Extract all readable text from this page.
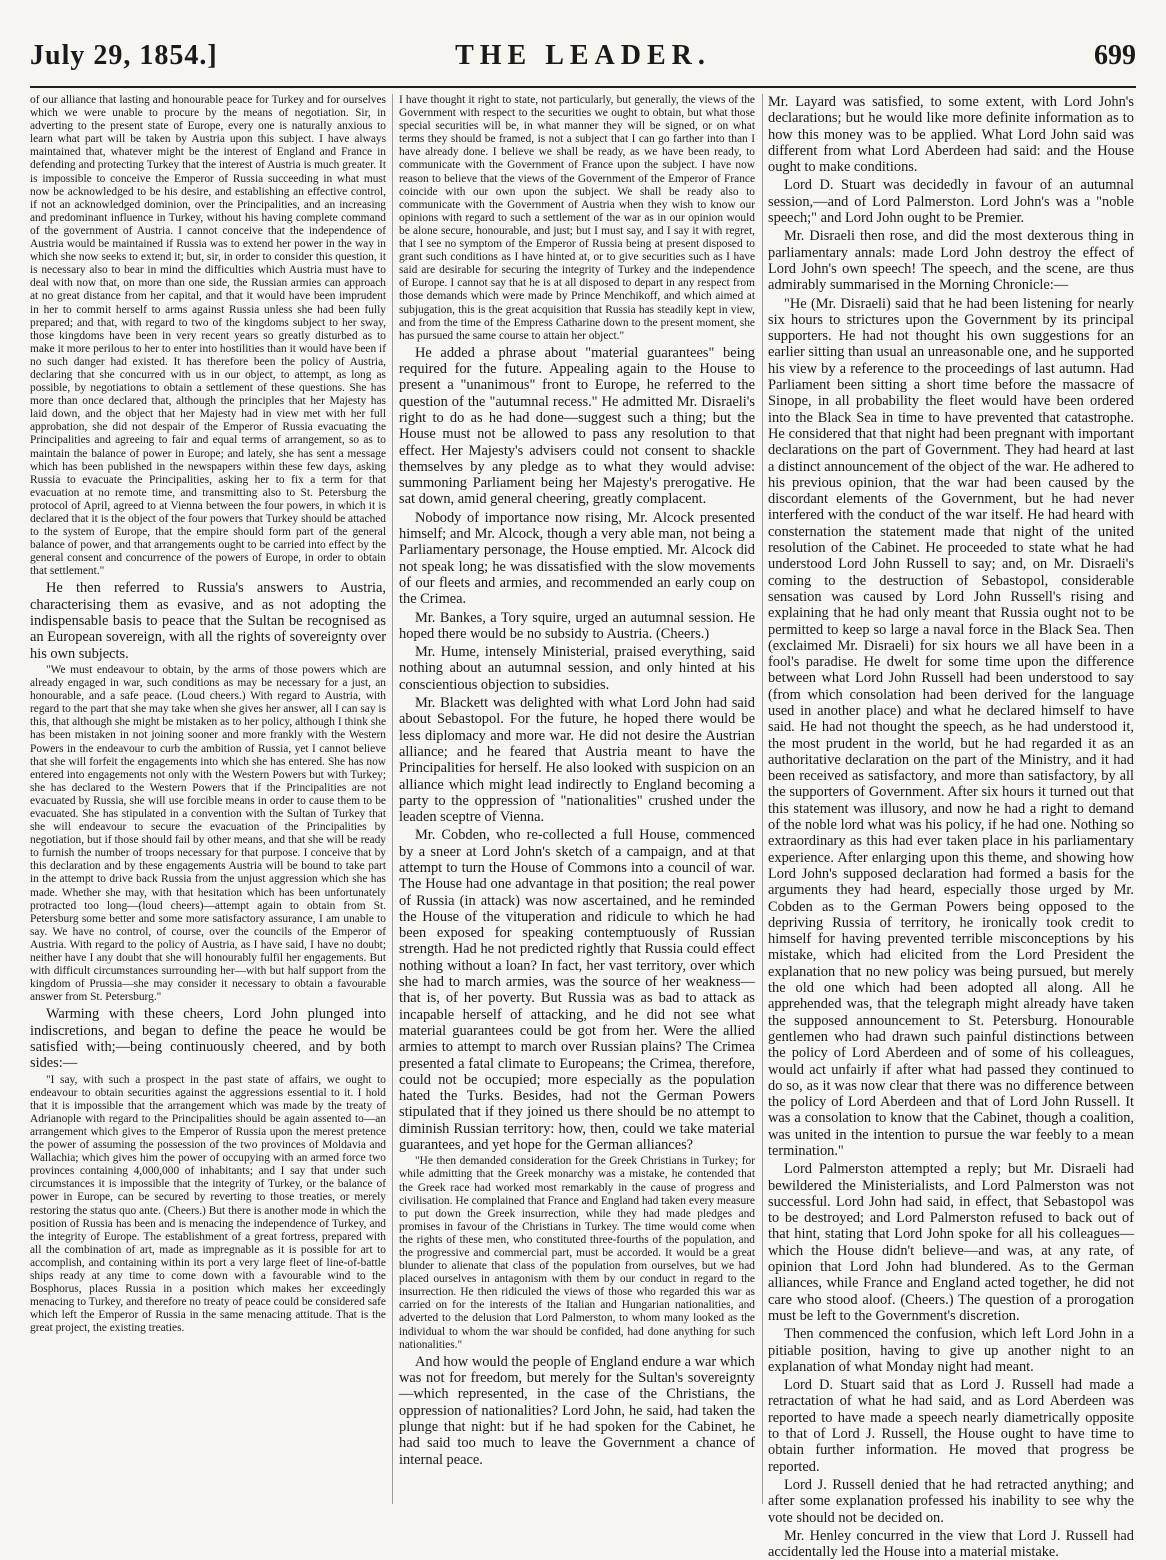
July 29, 1854.]	THE LEADER.	699

of our alliance that lasting and honourable peace for Turkey and for ourselves which we were unable to procure by the means of negotiation. Sir, in adverting to the present state of Europe, every one is naturally anxious to learn what part will be taken by Austria upon this subject. I have always maintained that, whatever might be the interest of England and France in defending and protecting Turkey that the interest of Austria is much greater. It is impossible to conceive the Emperor of Russia succeeding in what must now be acknowledged to be his desire, and establishing an effective control, if not an acknowledged dominion, over the Principalities, and an increasing and predominant influence in Turkey, without his having complete command of the government of Austria. I cannot conceive that the independence of Austria would be maintained if Russia was to extend her power in the way in which she now seeks to extend it; but, sir, in order to consider this question, it is necessary also to bear in mind the difficulties which Austria must have to deal with now that, on more than one side, the Russian armies can approach at no great distance from her capital, and that it would have been imprudent in her to commit herself to arms against Russia unless she had been fully prepared; and that, with regard to two of the kingdoms subject to her sway, those kingdoms have been in very recent years so greatly disturbed as to make it more perilous to her to enter into hostilities than it would have been if no such danger had existed. It has therefore been the policy of Austria, declaring that she concurred with us in our object, to attempt, as long as possible, by negotiations to obtain a settlement of these questions. She has more than once declared that, although the principles that her Majesty has laid down, and the object that her Majesty had in view met with her full approbation, she did not despair of the Emperor of Russia evacuating the Principalities and agreeing to fair and equal terms of arrangement, so as to maintain the balance of power in Europe; and lately, she has sent a message which has been published in the newspapers within these few days, asking Russia to evacuate the Principalities, asking her to fix a term for that evacuation at no remote time, and transmitting also to St. Petersburg the protocol of April, agreed to at Vienna between the four powers, in which it is declared that it is the object of the four powers that Turkey should be attached to the system of Europe, that the empire should form part of the general balance of power, and that arrangements ought to be carried into effect by the general consent and concurrence of the powers of Europe, in order to obtain that settlement."

He then referred to Russia's answers to Austria, characterising them as evasive, and as not adopting the indispensable basis to peace that the Sultan be recognised as an European sovereign, with all the rights of sovereignty over his own subjects.

"We must endeavour to obtain, by the arms of those powers which are already engaged in war, such conditions as may be necessary for a just, an honourable, and a safe peace. (Loud cheers.) With regard to Austria, with regard to the part that she may take when she gives her answer, all I can say is this, that although she might be mistaken as to her policy, although I think she has been mistaken in not joining sooner and more frankly with the Western Powers in the endeavour to curb the ambition of Russia, yet I cannot believe that she will forfeit the engagements into which she has entered. She has now entered into engagements not only with the Western Powers but with Turkey; she has declared to the Western Powers that if the Principalities are not evacuated by Russia, she will use forcible means in order to cause them to be evacuated. She has stipulated in a convention with the Sultan of Turkey that she will endeavour to secure the evacuation of the Principalities by negotiation, but if those should fail by other means, and that she will be ready to furnish the number of troops necessary for that purpose. I conceive that by this declaration and by these engagements Austria will be bound to take part in the attempt to drive back Russia from the unjust aggression which she has made. Whether she may, with that hesitation which has been unfortunately protracted too long—(loud cheers)—attempt again to obtain from St. Petersburg some better and some more satisfactory assurance, I am unable to say. We have no control, of course, over the councils of the Emperor of Austria. With regard to the policy of Austria, as I have said, I have no doubt; neither have I any doubt that she will honourably fulfil her engagements. But with difficult circumstances surrounding her—with but half support from the kingdom of Prussia—she may consider it necessary to obtain a favourable answer from St. Petersburg."

Warming with these cheers, Lord John plunged into indiscretions, and began to define the peace he would be satisfied with;—being continuously cheered, and by both sides:—

"I say, with such a prospect in the past state of affairs, we ought to endeavour to obtain securities against the aggressions essential to it. I hold that it is impossible that the arrangement which was made by the treaty of Adrianople with regard to the Principalities should be again assented to—an arrangement which gives to the Emperor of Russia upon the merest pretence the power of assuming the possession of the two provinces of Moldavia and Wallachia; which gives him the power of occupying with an armed force two provinces containing 4,000,000 of inhabitants; and I say that under such circumstances it is impossible that the integrity of Turkey, or the balance of power in Europe, can be secured by reverting to those treaties, or merely restoring the status quo ante. (Cheers.) But there is another mode in which the position of Russia has been and is menacing the independence of Turkey, and the integrity of Europe. The establishment of a great fortress, prepared with all the combination of art, made as impregnable as it is possible for art to accomplish, and containing within its port a very large fleet of line-of-battle ships ready at any time to come down with a favourable wind to the Bosphorus, places Russia in a position which makes her exceedingly menacing to Turkey, and therefore no treaty of peace could be considered safe which left the Emperor of Russia in the same menacing attitude. That is the great project, the existing treaties.

I have thought it right to state, not particularly, but generally, the views of the Government with respect to the securities we ought to obtain, but what those special securities will be, in what manner they will be signed, or on what terms they should be framed, is not a subject that I can go farther into than I have already done. I believe we shall be ready, as we have been ready, to communicate with the Government of France upon the subject. I have now reason to believe that the views of the Government of the Emperor of France coincide with our own upon the subject. We shall be ready also to communicate with the Government of Austria when they wish to know our opinions with regard to such a settlement of the war as in our opinion would be alone secure, honourable, and just; but I must say, and I say it with regret, that I see no symptom of the Emperor of Russia being at present disposed to grant such conditions as I have hinted at, or to give securities such as I have said are desirable for securing the integrity of Turkey and the independence of Europe. I cannot say that he is at all disposed to depart in any respect from those demands which were made by Prince Menchikoff, and which aimed at subjugation, this is the great acquisition that Russia has steadily kept in view, and from the time of the Empress Catharine down to the present moment, she has pursued the same course to attain her object."

He added a phrase about "material guarantees" being required for the future. Appealing again to the House to present a "unanimous" front to Europe, he referred to the question of the "autumnal recess." He admitted Mr. Disraeli's right to do as he had done—suggest such a thing; but the House must not be allowed to pass any resolution to that effect. Her Majesty's advisers could not consent to shackle themselves by any pledge as to what they would advise: summoning Parliament being her Majesty's prerogative. He sat down, amid general cheering, greatly complacent.

Nobody of importance now rising, Mr. Alcock presented himself; and Mr. Alcock, though a very able man, not being a Parliamentary personage, the House emptied. Mr. Alcock did not speak long; he was dissatisfied with the slow movements of our fleets and armies, and recommended an early coup on the Crimea.

Mr. Bankes, a Tory squire, urged an autumnal session. He hoped there would be no subsidy to Austria. (Cheers.)

Mr. Hume, intensely Ministerial, praised everything, said nothing about an autumnal session, and only hinted at his conscientious objection to subsidies.

Mr. Blackett was delighted with what Lord John had said about Sebastopol. For the future, he hoped there would be less diplomacy and more war. He did not desire the Austrian alliance; and he feared that Austria meant to have the Principalities for herself. He also looked with suspicion on an alliance which might lead indirectly to England becoming a party to the oppression of "nationalities" crushed under the leaden sceptre of Vienna.

Mr. Cobden, who re-collected a full House, commenced by a sneer at Lord John's sketch of a campaign, and at that attempt to turn the House of Commons into a council of war. The House had one advantage in that position; the real power of Russia (in attack) was now ascertained, and he reminded the House of the vituperation and ridicule to which he had been exposed for speaking contemptuously of Russian strength. Had he not predicted rightly that Russia could effect nothing without a loan? In fact, her vast territory, over which she had to march armies, was the source of her weakness—that is, of her poverty. But Russia was as bad to attack as incapable herself of attacking, and he did not see what material guarantees could be got from her. Were the allied armies to attempt to march over Russian plains? The Crimea presented a fatal climate to Europeans; the Crimea, therefore, could not be occupied; more especially as the population hated the Turks. Besides, had not the German Powers stipulated that if they joined us there should be no attempt to diminish Russian territory: how, then, could we take material guarantees, and yet hope for the German alliances?

"He then demanded consideration for the Greek Christians in Turkey; for while admitting that the Greek monarchy was a mistake, he contended that the Greek race had worked most remarkably in the cause of progress and civilisation. He complained that France and England had taken every measure to put down the Greek insurrection, while they had made pledges and promises in favour of the Christians in Turkey. The time would come when the rights of these men, who constituted three-fourths of the population, and the progressive and commercial part, must be accorded. It would be a great blunder to alienate that class of the population from ourselves, but we had placed ourselves in antagonism with them by our conduct in regard to the insurrection. He then ridiculed the views of those who regarded this war as carried on for the interests of the Italian and Hungarian nationalities, and adverted to the delusion that Lord Palmerston, to whom many looked as the individual to whom the war should be confided, had done anything for such nationalities."

And how would the people of England endure a war which was not for freedom, but merely for the Sultan's sovereignty—which represented, in the case of the Christians, the oppression of nationalities? Lord John, he said, had taken the plunge that night: but if he had spoken for the Cabinet, he had said too much to leave the Government a chance of internal peace.

Mr. Layard was satisfied, to some extent, with Lord John's declarations; but he would like more definite information as to how this money was to be applied. What Lord John said was different from what Lord Aberdeen had said: and the House ought to make conditions.

Lord D. Stuart was decidedly in favour of an autumnal session,—and of Lord Palmerston. Lord John's was a "noble speech;" and Lord John ought to be Premier.

Mr. Disraeli then rose, and did the most dexterous thing in parliamentary annals: made Lord John destroy the effect of Lord John's own speech! The speech, and the scene, are thus admirably summarised in the Morning Chronicle:—

"He (Mr. Disraeli) said that he had been listening for nearly six hours to strictures upon the Government by its principal supporters. He had not thought his own suggestions for an earlier sitting than usual an unreasonable one, and he supported his view by a reference to the proceedings of last autumn. Had Parliament been sitting a short time before the massacre of Sinope, in all probability the fleet would have been ordered into the Black Sea in time to have prevented that catastrophe. He considered that that night had been pregnant with important declarations on the part of Government. They had heard at last a distinct announcement of the object of the war. He adhered to his previous opinion, that the war had been caused by the discordant elements of the Government, but he had never interfered with the conduct of the war itself. He had heard with consternation the statement made that night of the united resolution of the Cabinet. He proceeded to state what he had understood Lord John Russell to say; and, on Mr. Disraeli's coming to the destruction of Sebastopol, considerable sensation was caused by Lord John Russell's rising and explaining that he had only meant that Russia ought not to be permitted to keep so large a naval force in the Black Sea. Then (exclaimed Mr. Disraeli) for six hours we all have been in a fool's paradise. He dwelt for some time upon the difference between what Lord John Russell had been understood to say (from which consolation had been derived for the language used in another place) and what he declared himself to have said. He had not thought the speech, as he had understood it, the most prudent in the world, but he had regarded it as an authoritative declaration on the part of the Ministry, and it had been received as satisfactory, and more than satisfactory, by all the supporters of Government. After six hours it turned out that this statement was illusory, and now he had a right to demand of the noble lord what was his policy, if he had one. Nothing so extraordinary as this had ever taken place in his parliamentary experience. After enlarging upon this theme, and showing how Lord John's supposed declaration had formed a basis for the arguments they had heard, especially those urged by Mr. Cobden as to the German Powers being opposed to the depriving Russia of territory, he ironically took credit to himself for having prevented terrible misconceptions by his mistake, which had elicited from the Lord President the explanation that no new policy was being pursued, but merely the old one which had been adopted all along. All he apprehended was, that the telegraph might already have taken the supposed announcement to St. Petersburg. Honourable gentlemen who had drawn such painful distinctions between the policy of Lord Aberdeen and of some of his colleagues, would act unfairly if after what had passed they continued to do so, as it was now clear that there was no difference between the policy of Lord Aberdeen and that of Lord John Russell. It was a consolation to know that the Cabinet, though a coalition, was united in the intention to pursue the war feebly to a mean termination."

Lord Palmerston attempted a reply; but Mr. Disraeli had bewildered the Ministerialists, and Lord Palmerston was not successful. Lord John had said, in effect, that Sebastopol was to be destroyed; and Lord Palmerston refused to back out of that hint, stating that Lord John spoke for all his colleagues—which the House didn't believe—and was, at any rate, of opinion that Lord John had blundered. As to the German alliances, while France and England acted together, he did not care who stood aloof. (Cheers.) The question of a prorogation must be left to the Government's discretion.

Then commenced the confusion, which left Lord John in a pitiable position, having to give up another night to an explanation of what Monday night had meant.

Lord D. Stuart said that as Lord J. Russell had made a retractation of what he had said, and as Lord Aberdeen was reported to have made a speech nearly diametrically opposite to that of Lord J. Russell, the House ought to have time to obtain further information. He moved that progress be reported.

Lord J. Russell denied that he had retracted anything; and after some explanation professed his inability to see why the vote should not be decided on.

Mr. Henley concurred in the view that Lord J. Russell had accidentally led the House into a material mistake.
